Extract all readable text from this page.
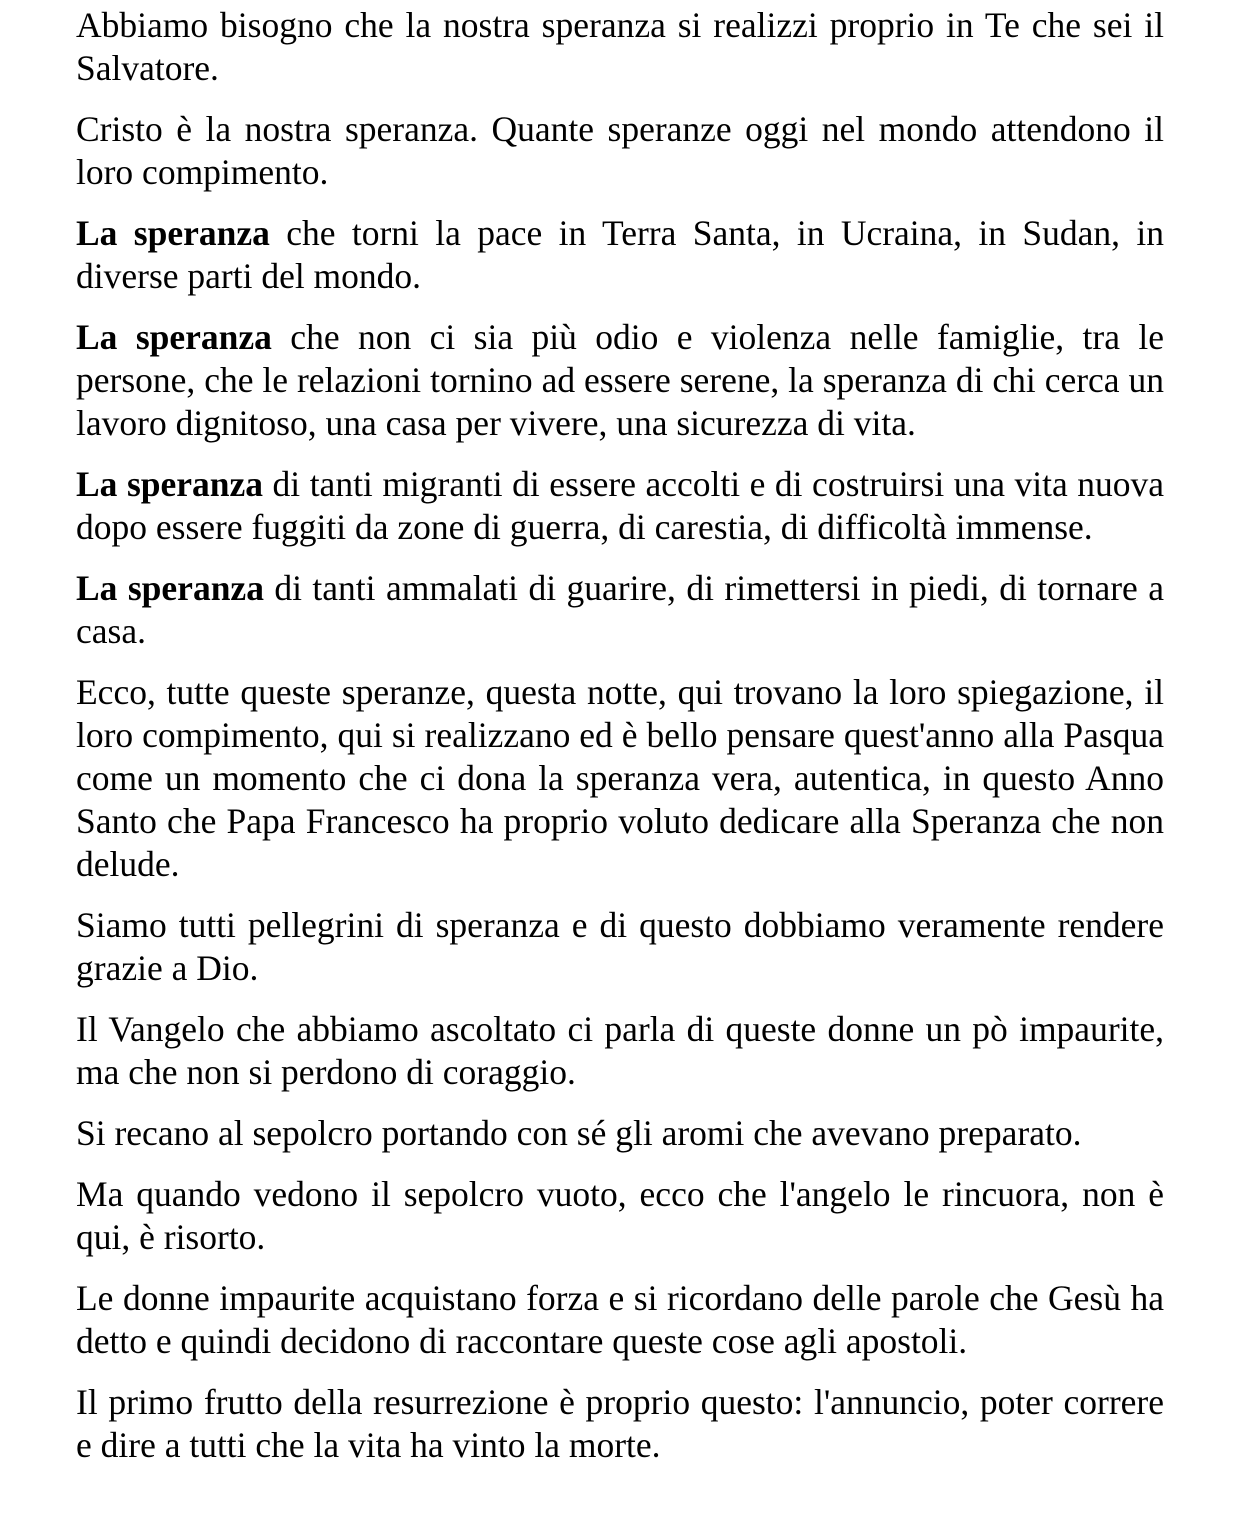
Abbiamo bisogno che la nostra speranza si realizzi proprio in Te che sei il Salvatore.

Cristo è la nostra speranza. Quante speranze oggi nel mondo attendono il loro compimento.

La speranza che torni la pace in Terra Santa, in Ucraina, in Sudan, in diverse parti del mondo.

La speranza che non ci sia più odio e violenza nelle famiglie, tra le persone, che le relazioni tornino ad essere serene, la speranza di chi cerca un lavoro dignitoso, una casa per vivere, una sicurezza di vita.

La speranza di tanti migranti di essere accolti e di costruirsi una vita nuova dopo essere fuggiti da zone di guerra, di carestia, di difficoltà immense.

La speranza di tanti ammalati di guarire, di rimettersi in piedi, di tornare a casa.

Ecco, tutte queste speranze, questa notte, qui trovano la loro spiegazione, il loro compimento, qui si realizzano ed è bello pensare quest'anno alla Pasqua come un momento che ci dona la speranza vera, autentica, in questo Anno Santo che Papa Francesco ha proprio voluto dedicare alla Speranza che non delude.

Siamo tutti pellegrini di speranza e di questo dobbiamo veramente rendere grazie a Dio.

Il Vangelo che abbiamo ascoltato ci parla di queste donne un pò impaurite, ma che non si perdono di coraggio.

Si recano al sepolcro portando con sé gli aromi che avevano preparato.

Ma quando vedono il sepolcro vuoto, ecco che l'angelo le rincuora, non è qui, è risorto.

Le donne impaurite acquistano forza e si ricordano delle parole che Gesù ha detto e quindi decidono di raccontare queste cose agli apostoli.

Il primo frutto della resurrezione è proprio questo: l'annuncio, poter correre e dire a tutti che la vita ha vinto la morte.
